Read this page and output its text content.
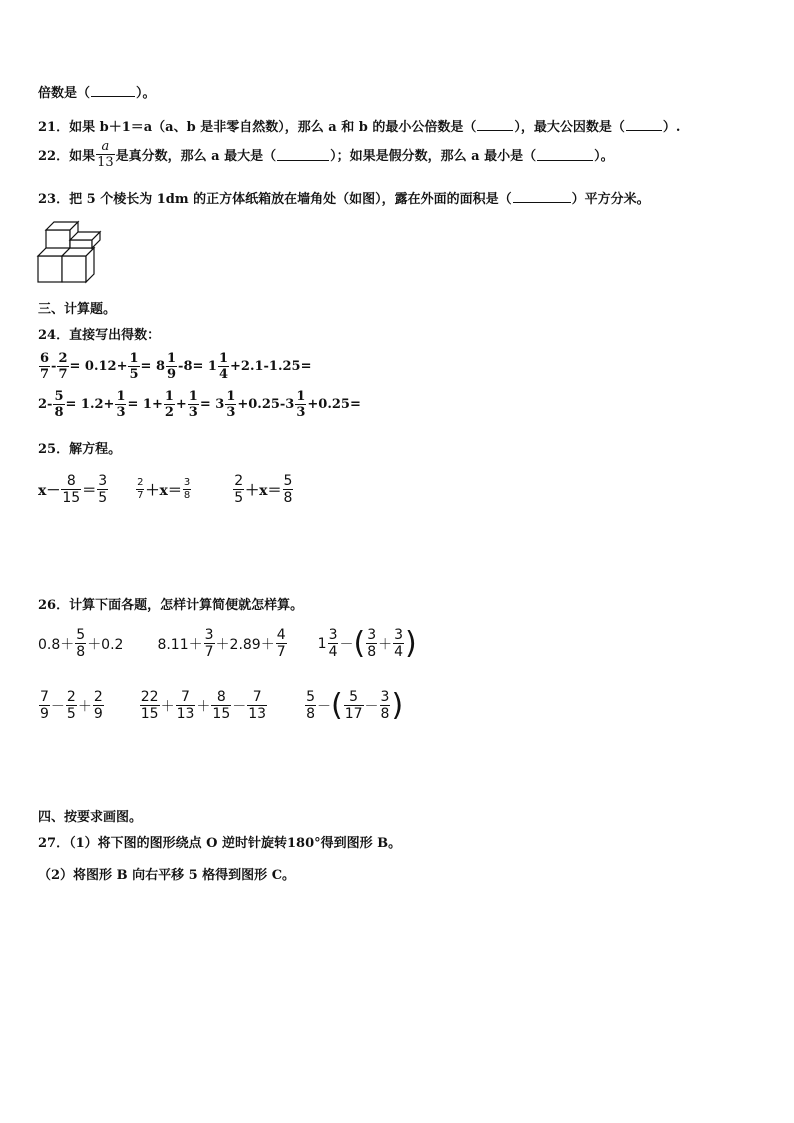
倍数是（	）。
21．如果 b＋1＝a（a、b 是非零自然数），那么 a 和 b 的最小公倍数是（	），最大公因数是（	）.
22．如果 $\frac{a}{13}$ 是真分数，那么 a 最大是（	）；如果是假分数，那么 a 最小是（	）。
23．把 5 个棱长为 1dm 的正方体纸箱放在墙角处（如图），露在外面的面积是（	）平方分米。
三、计算题。
24．直接写出得数：
$\frac{6}{7} - \frac{2}{7} = 0.12+ \frac{1}{5} = 8 \frac{1}{9} -8= 1 \frac{1}{4} +2.1-1.25=$
$2- \frac{5}{8} = 1.2+ \frac{1}{3} = 1+ \frac{1}{2} + \frac{1}{3} = 3 \frac{1}{3} +0.25-3 \frac{1}{3} +0.25=$
25．解方程。
$x- \frac{8}{15} = \frac{3}{5}$	$\frac{2}{7} +x= \frac{3}{8}$	$\frac{2}{5} +x= \frac{5}{8}$
26．计算下面各题，怎样计算简便就怎样算。
$0.8+ \frac{5}{8} +0.2$ $8.11+ \frac{3}{7} +2.89+ \frac{4}{7} 1 \frac{3}{4}$ － ( $\frac{3}{8} + \frac{3}{4}$ )
$\frac{7}{9} - \frac{2}{5} + \frac{2}{9}$	$\frac{22}{15} + \frac{7}{13} + \frac{8}{15} - \frac{7}{13}$	$\frac{5}{8}$ － ( $\frac{5}{17} - \frac{3}{8}$ )
四、按要求画图。
27．（1）将下图的图形绕点 O 逆时针旋转180°得到图形 B。
（2）将图形 B 向右平移 5 格得到图形 C。
